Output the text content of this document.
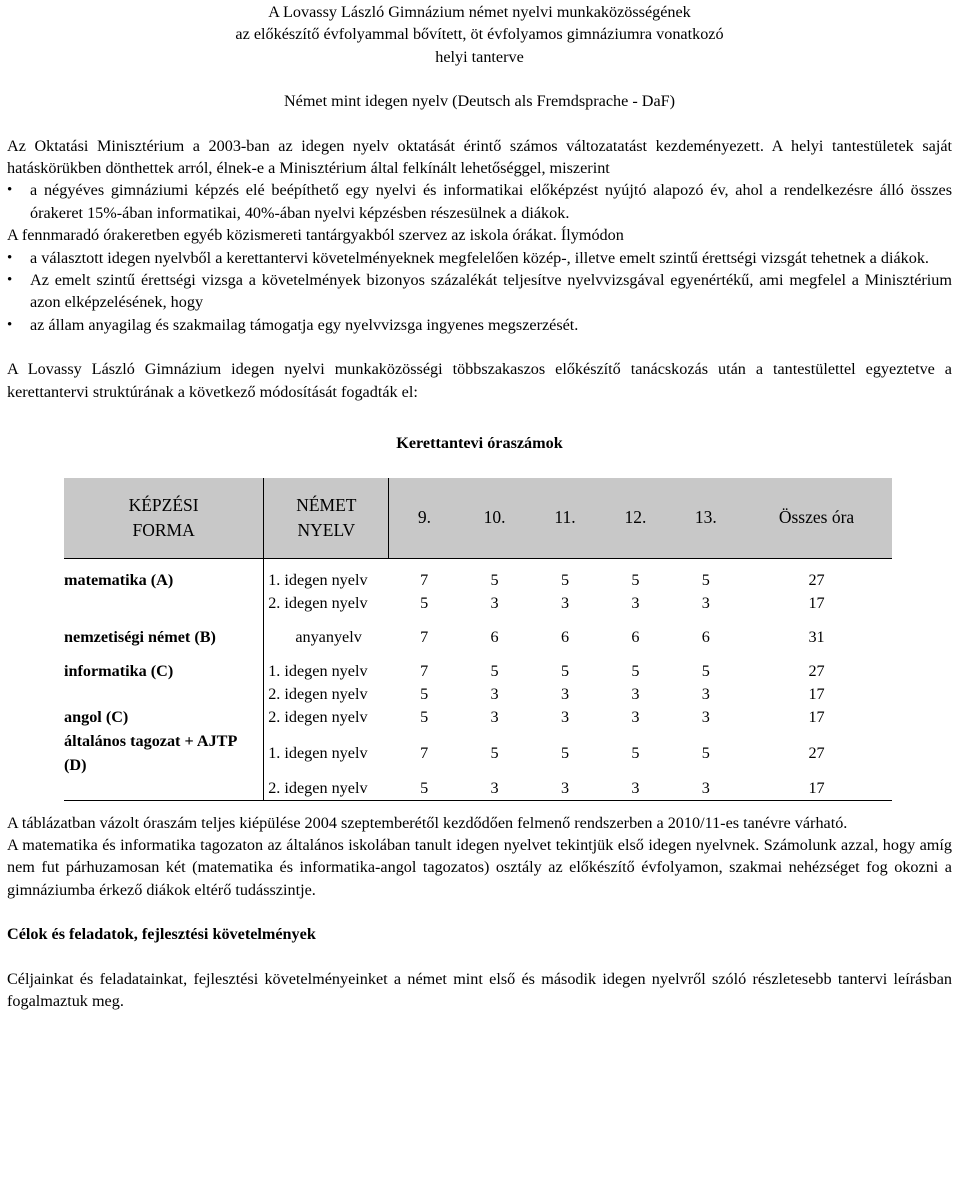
A Lovassy László Gimnázium német nyelvi munkaközösségének
az előkészítő évfolyammal bővített, öt évfolyamos gimnáziumra vonatkozó
helyi tanterve
Német mint idegen nyelv (Deutsch als Fremdsprache - DaF)
Az Oktatási Minisztérium a 2003-ban az idegen nyelv oktatását érintő számos változatatást kezdeményezett. A helyi tantestületek saját hatáskörükben dönthettek arról, élnek-e a Minisztérium által felkínált lehetőséggel, miszerint
• a négyéves gimnáziumi képzés elé beépíthető egy nyelvi és informatikai előképzést nyújtó alapozó év, ahol a rendelkezésre álló összes órakeret 15%-ában informatikai, 40%-ában nyelvi képzésben részesülnek a diákok.
A fennmaradó órakeretben egyéb közismereti tantárgyakból szervez az iskola órákat. Ílymódon
• a választott idegen nyelvből a kerettantervi követelményeknek megfelelően közép-, illetve emelt szintű érettségi vizsgát tehetnek a diákok.
• Az emelt szintű érettségi vizsga a követelmények bizonyos százalékát teljesítve nyelvvizsgával egyenértékű, ami megfelel a Minisztérium azon elképzelésének, hogy
• az állam anyagilag és szakmailag támogatja egy nyelvvizsga ingyenes megszerzését.
A Lovassy László Gimnázium idegen nyelvi munkaközösségi többszakaszos előkészítő tanácskozás után a tantestülettel egyeztetve a kerettantervi struktúrának a következő módosítását fogadták el:
Kerettantevi óraszámok
KÉPZÉSI FORMA	NÉMET NYELV	9.	10.	11.	12.	13.	Összes óra

matematika (A)	1. idegen nyelv	7	5	5	5	5	27
	2. idegen nyelv	5	3	3	3	3	17
nemzetiségi német (B)	anyanyelv	7	6	6	6	6	31
informatika (C)	1. idegen nyelv	7	5	5	5	5	27
	2. idegen nyelv	5	3	3	3	3	17
angol (C)	2. idegen nyelv	5	3	3	3	3	17
általános tagozat + AJTP (D)	1. idegen nyelv	7	5	5	5	5	27
	2. idegen nyelv	5	3	3	3	3	17
A táblázatban vázolt óraszám teljes kiépülése 2004 szeptemberétől kezdődően felmenő rendszerben a 2010/11-es tanévre várható.
A matematika és informatika tagozaton az általános iskolában tanult idegen nyelvet tekintjük első idegen nyelvnek. Számolunk azzal, hogy amíg nem fut párhuzamosan két (matematika és informatika-angol tagozatos) osztály az előkészítő évfolyamon, szakmai nehézséget fog okozni a gimnáziumba érkező diákok eltérő tudásszintje.
Célok és feladatok, fejlesztési követelmények
Céljainkat és feladatainkat, fejlesztési követelményeinket a német mint első és második idegen nyelvről szóló részletesebb tantervi leírásban fogalmaztuk meg.
